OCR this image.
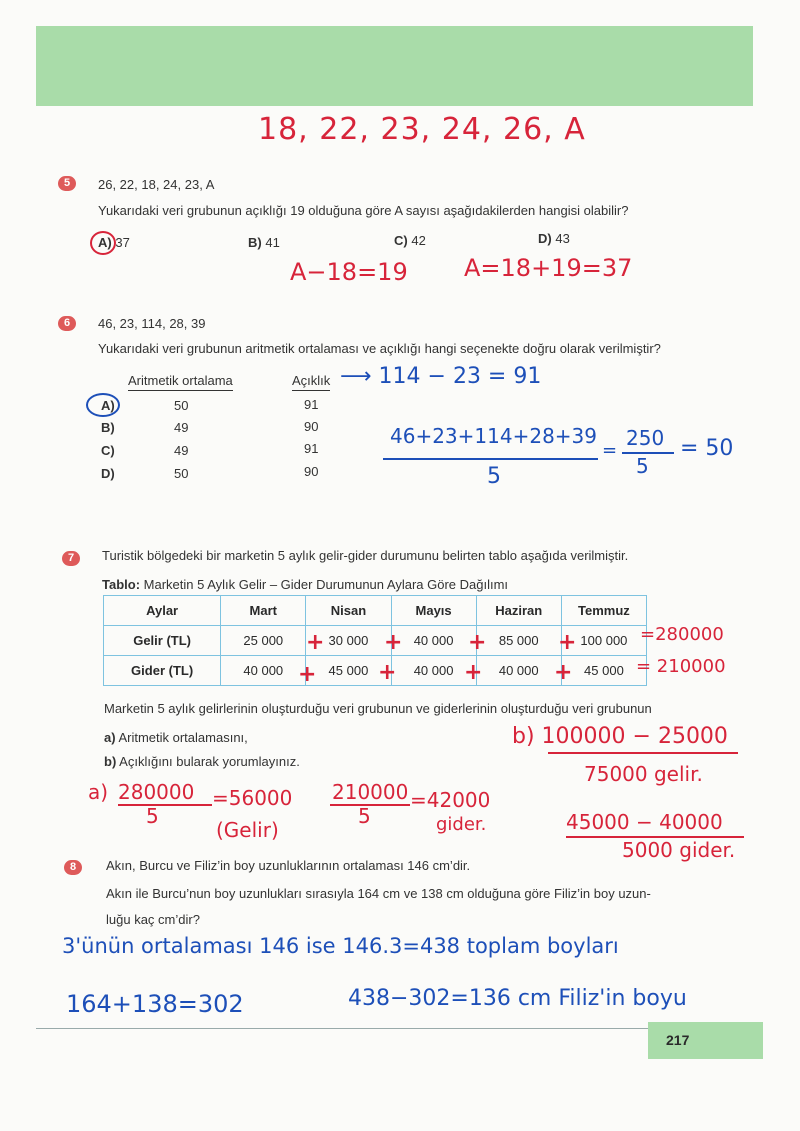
18, 22, 23, 24, 26, A
5	26, 22, 18, 24, 23, A
Yukarıdaki veri grubunun açıklığı 19 olduğuna göre A sayısı aşağıdakilerden hangisi olabilir?
A) 37	B) 41	C) 42	D) 43
A−18=19 A=18+19=37
6	46, 23, 114, 28, 39
Yukarıdaki veri grubunun aritmetik ortalaması ve açıklığı hangi seçenekte doğru olarak verilmiştir?
Aritmetik ortalama	Açıklık ⟶ 114 − 23 = 91
A)	50	91
B)	49	90
C)	49	91
D)	50	90
46+23+114+28+39
5
=
250
5
= 50
7	Turistik bölgedeki bir marketin 5 aylık gelir-gider durumunu belirten tablo aşağıda verilmiştir.
Tablo: Marketin 5 Aylık Gelir – Gider Durumunun Aylara Göre Dağılımı
Aylar	Mart	Nisan	Mayıs	Haziran	Temmuz
Gelir (TL)	25 000	30 000	40 000	85 000	100 000
Gider (TL)	40 000	45 000	40 000	40 000	45 000
+	+	+	+
+	+	+	+
=280000
= 210000
Marketin 5 aylık gelirlerinin oluşturduğu veri grubunun ve giderlerinin oluşturduğu veri grubunun
a) Aritmetik ortalamasını,
b) Açıklığını bularak yorumlayınız.
b) 100000 − 25000
75000 gelir.
45000 − 40000
5000 gider.
a) 280000
5
=56000
(Gelir)
210000
5
=42000
gider.
8	Akın, Burcu ve Filiz’in boy uzunluklarının ortalaması 146 cm’dir.
Akın ile Burcu’nun boy uzunlukları sırasıyla 164 cm ve 138 cm olduğuna göre Filiz’in boy uzun-
luğu kaç cm’dir?
3'ünün ortalaması 146 ise 146.3=438 toplam boyları
164+138=302	438−302=136 cm Filiz'in boyu
217
